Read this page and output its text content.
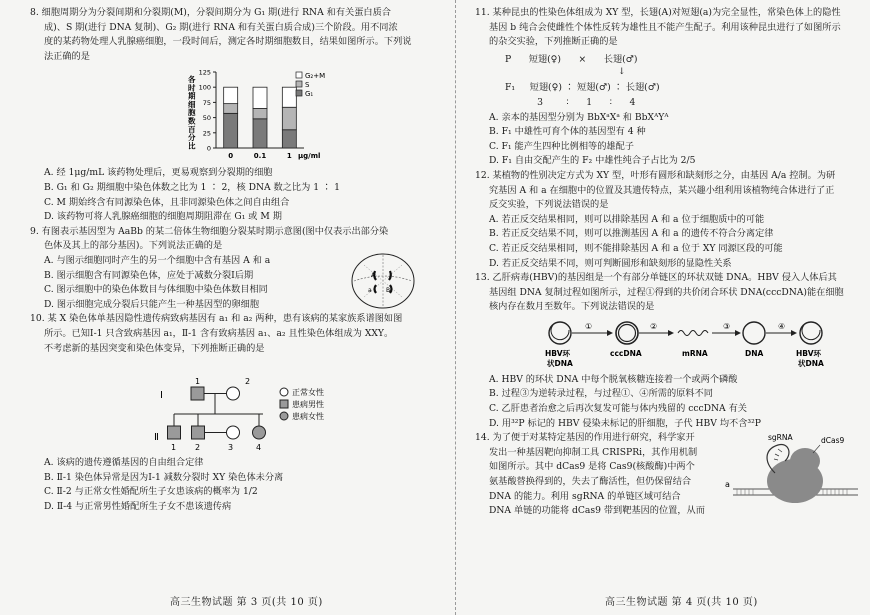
8. 细胞周期分为分裂间期和分裂期(M)，分裂间期分为 G₁ 期(进行 RNA 和有关蛋白质合

成)、S 期(进行 DNA 复制)、G₂ 期(进行 RNA 和有关蛋白质合成)三个阶段。用不同浓

度的某药物处理人乳腺癌细胞，一段时间后，测定各时期细胞数目，结果如图所示。下列说

法正确的是

0
25
50
75
100
125
各
时
期
细
胞
数
百
分
比
0	0.1	1 μg/ml
G₂+M
S
G₁

A. 经 1μg/mL 该药物处理后，更易观察到分裂期的细胞

B. G₁ 和 G₂ 期细胞中染色体数之比为 1 ∶ 2，核 DNA 数之比为 1 ∶ 1

C. M 期始终含有同源染色体，且非同源染色体之间自由组合

D. 该药物可将人乳腺癌细胞的细胞周期阻滞在 G₁ 或 M 期

9. 有图表示基因型为 AaBb 的某二倍体生物细胞分裂某时期示意图(图中仅表示出部分染

色体及其上的部分基因)。下列说法正确的是

A. 与图示细胞同时产生的另一个细胞中含有基因 A 和 a

B. 图示细胞含有同源染色体，应处于减数分裂Ⅰ后期

C. 图示细胞中的染色体数目与体细胞中染色体数目相同

D. 图示细胞完成分裂后只能产生一种基因型的卵细胞

A
B
a

10. 某 X 染色体单基因隐性遗传病致病基因有 a₁ 和 a₂ 两种，患有该病的某家族系谱图如图

所示。已知Ⅰ-1 只含致病基因 a₁，Ⅱ-1 含有致病基因 a₁、a₂ 且性染色体组成为 XXY。

不考虑新的基因突变和染色体变异，下列推断正确的是

Ⅰ
Ⅱ
1	2
1 2	3	4
正常女性
患病男性
患病女性

A. 该病的遗传遵循基因的自由组合定律

B. Ⅱ-1 染色体异常是因为Ⅰ-1 减数分裂时 XY 染色体未分离

C. Ⅱ-2 与正常女性婚配所生子女患该病的概率为 1/2

D. Ⅱ-4 与正常男性婚配所生子女不患该遗传病

高三生物试题 第 3 页(共 10 页)

11. 某种昆虫的性染色体组成为 XY 型，长翅(A)对短翅(a)为完全显性，常染色体上的隐性

基因 b 纯合会使雌性个体性反转为雄性且不能产生配子。利用该种昆虫进行了如图所示

的杂交实验，下列推断正确的是

P      短翅(♀)      ×      长翅(♂)

↓

F₁     短翅(♀) ∶ 短翅(♂) ∶ 长翅(♂)

3        ∶      1      ∶      4

A. 亲本的基因型分别为 BbXᵃXᵃ 和 BbXᴬYᴬ

B. F₁ 中雄性可育个体的基因型有 4 种

C. F₁ 能产生四种比例相等的雄配子

D. F₁ 自由交配产生的 F₂ 中雄性纯合子占比为 2/5

12. 某植物的性别决定方式为 XY 型，叶形有圆形和缺刻形之分，由基因 A/a 控制。为研

究基因 A 和 a 在细胞中的位置及其遗传特点，某兴趣小组利用该植物纯合体进行了正

反交实验，下列说法错误的是

A. 若正反交结果相同，则可以排除基因 A 和 a 位于细胞质中的可能

B. 若正反交结果不同，则可以推测基因 A 和 a 的遗传不符合分离定律

C. 若正反交结果相同，则不能排除基因 A 和 a 位于 XY 同源区段的可能

D. 若正反交结果不同，则可判断圆形和缺刻形的显隐性关系

13. 乙肝病毒(HBV)的基因组是一个有部分单链区的环状双链 DNA。HBV 侵入人体后其

基因组 DNA 复制过程如图所示，过程①得到的共价闭合环状 DNA(cccDNA)能在细胞

核内存在数月至数年。下列说法错误的是

①	②	③	④
HBV环
状DNA
cccDNA	mRNA	DNA	HBV环
状DNA

A. HBV 的环状 DNA 中每个脱氧核糖连接着一个或两个磷酸

B. 过程③为逆转录过程，与过程①、④所需的原料不同

C. 乙肝患者治愈之后再次复发可能与体内残留的 cccDNA 有关

D. 用³²P 标记的 HBV 侵染未标记的肝细胞，子代 HBV 均不含³²P

14. 为了便于对某特定基因的作用进行研究，科学家开

发出一种基因靶向抑制工具 CRISPRi，其作用机制

如图所示。其中 dCas9 是将 Cas9(核酸酶)中两个

氨基酸替换得到的，失去了酶活性，但仍保留结合

DNA 的能力。利用 sgRNA 的单链区域可结合

DNA 单链的功能将 dCas9 带到靶基因的位置，从而

sgRNA	dCas9
a
高三生物试题 第 4 页(共 10 页)
